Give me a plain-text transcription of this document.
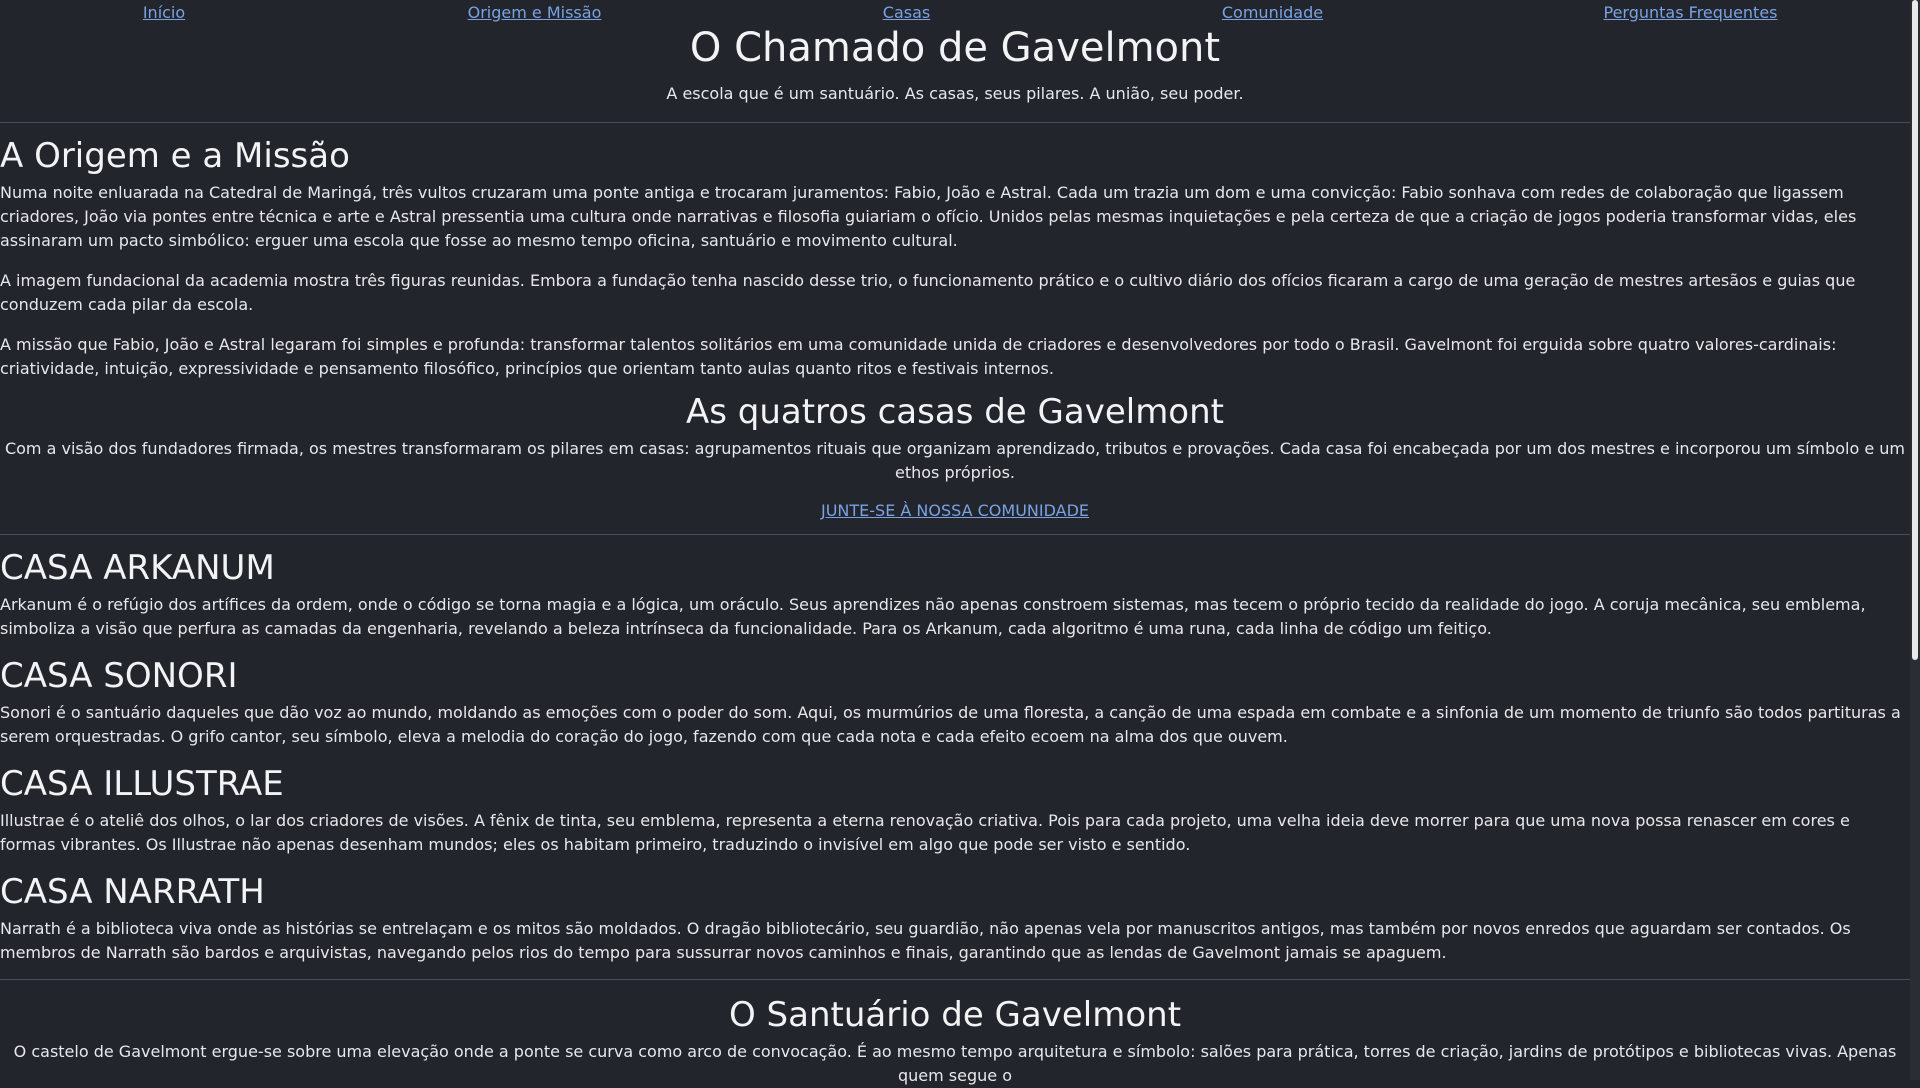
Início	Origem e Missão	Casas	Comunidade	Perguntas Frequentes
O Chamado de Gavelmont

A escola que é um santuário. As casas, seus pilares. A união, seu poder.

A Origem e a Missão

Numa noite enluarada na Catedral de Maringá, três vultos cruzaram uma ponte antiga e trocaram juramentos: Fabio, João e Astral. Cada um trazia um dom e uma convicção: Fabio sonhava com redes de colaboração que ligassem criadores, João via pontes entre técnica e arte e Astral pressentia uma cultura onde narrativas e filosofia guiariam o ofício. Unidos pelas mesmas inquietações e pela certeza de que a criação de jogos poderia transformar vidas, eles assinaram um pacto simbólico: erguer uma escola que fosse ao mesmo tempo oficina, santuário e movimento cultural.

A imagem fundacional da academia mostra três figuras reunidas. Embora a fundação tenha nascido desse trio, o funcionamento prático e o cultivo diário dos ofícios ficaram a cargo de uma geração de mestres artesãos e guias que conduzem cada pilar da escola.

A missão que Fabio, João e Astral legaram foi simples e profunda: transformar talentos solitários em uma comunidade unida de criadores e desenvolvedores por todo o Brasil. Gavelmont foi erguida sobre quatro valores-cardinais: criatividade, intuição, expressividade e pensamento filosófico, princípios que orientam tanto aulas quanto ritos e festivais internos.

As quatros casas de Gavelmont

Com a visão dos fundadores firmada, os mestres transformaram os pilares em casas: agrupamentos rituais que organizam aprendizado, tributos e provações. Cada casa foi encabeçada por um dos mestres e incorporou um símbolo e um ethos próprios.

JUNTE-SE À NOSSA COMUNIDADE
CASA ARKANUM

Arkanum é o refúgio dos artífices da ordem, onde o código se torna magia e a lógica, um oráculo. Seus aprendizes não apenas constroem sistemas, mas tecem o próprio tecido da realidade do jogo. A coruja mecânica, seu emblema, simboliza a visão que perfura as camadas da engenharia, revelando a beleza intrínseca da funcionalidade. Para os Arkanum, cada algoritmo é uma runa, cada linha de código um feitiço.

CASA SONORI

Sonori é o santuário daqueles que dão voz ao mundo, moldando as emoções com o poder do som. Aqui, os murmúrios de uma floresta, a canção de uma espada em combate e a sinfonia de um momento de triunfo são todos partituras a serem orquestradas. O grifo cantor, seu símbolo, eleva a melodia do coração do jogo, fazendo com que cada nota e cada efeito ecoem na alma dos que ouvem.

CASA ILLUSTRAE

Illustrae é o ateliê dos olhos, o lar dos criadores de visões. A fênix de tinta, seu emblema, representa a eterna renovação criativa. Pois para cada projeto, uma velha ideia deve morrer para que uma nova possa renascer em cores e formas vibrantes. Os Illustrae não apenas desenham mundos; eles os habitam primeiro, traduzindo o invisível em algo que pode ser visto e sentido.

CASA NARRATH

Narrath é a biblioteca viva onde as histórias se entrelaçam e os mitos são moldados. O dragão bibliotecário, seu guardião, não apenas vela por manuscritos antigos, mas também por novos enredos que aguardam ser contados. Os membros de Narrath são bardos e arquivistas, navegando pelos rios do tempo para sussurrar novos caminhos e finais, garantindo que as lendas de Gavelmont jamais se apaguem.

O Santuário de Gavelmont

O castelo de Gavelmont ergue-se sobre uma elevação onde a ponte se curva como arco de convocação. É ao mesmo tempo arquitetura e símbolo: salões para prática, torres de criação, jardins de protótipos e bibliotecas vivas. Apenas quem segue o
